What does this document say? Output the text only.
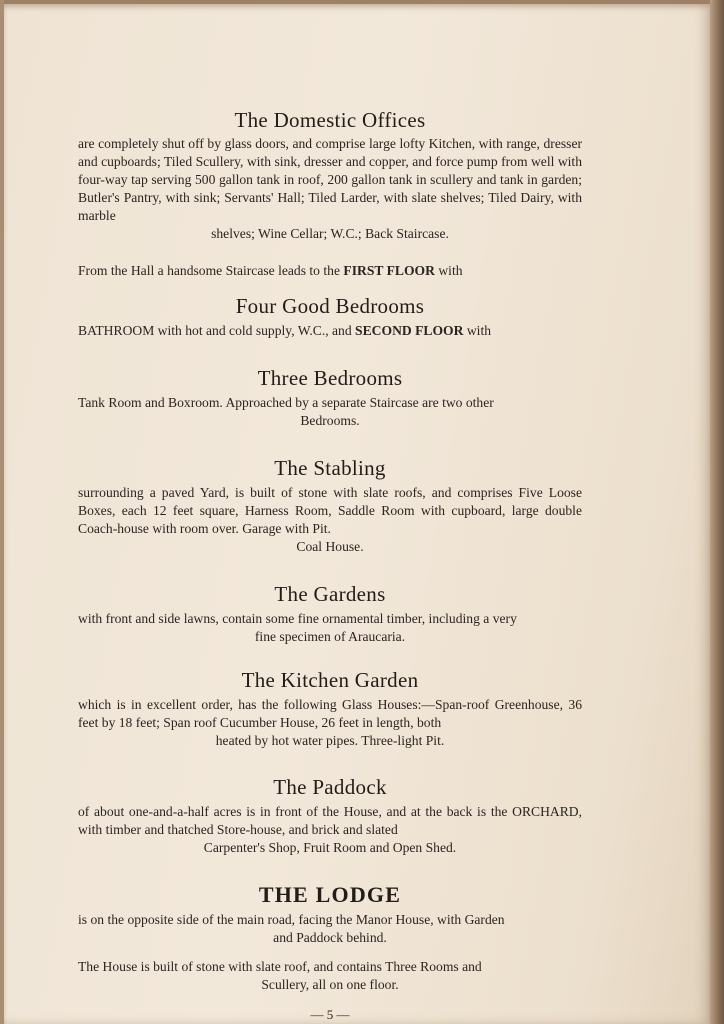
The Domestic Offices
are completely shut off by glass doors, and comprise large lofty Kitchen, with range, dresser and cupboards; Tiled Scullery, with sink, dresser and copper, and force pump from well with four-way tap serving 500 gallon tank in roof, 200 gallon tank in scullery and tank in garden; Butler's Pantry, with sink; Servants' Hall; Tiled Larder, with slate shelves; Tiled Dairy, with marble
shelves; Wine Cellar; W.C.; Back Staircase.
From the Hall a handsome Staircase leads to the FIRST FLOOR with
Four Good Bedrooms
BATHROOM with hot and cold supply, W.C., and SECOND FLOOR with
Three Bedrooms
Tank Room and Boxroom. Approached by a separate Staircase are two other
Bedrooms.
The Stabling
surrounding a paved Yard, is built of stone with slate roofs, and comprises Five Loose Boxes, each 12 feet square, Harness Room, Saddle Room with cupboard, large double Coach-house with room over. Garage with Pit.
Coal House.
The Gardens
with front and side lawns, contain some fine ornamental timber, including a very
fine specimen of Araucaria.
The Kitchen Garden
which is in excellent order, has the following Glass Houses:—Span-roof Greenhouse, 36 feet by 18 feet; Span roof Cucumber House, 26 feet in length, both
heated by hot water pipes. Three-light Pit.
The Paddock
of about one-and-a-half acres is in front of the House, and at the back is the ORCHARD, with timber and thatched Store-house, and brick and slated
Carpenter's Shop, Fruit Room and Open Shed.
THE LODGE
is on the opposite side of the main road, facing the Manor House, with Garden
and Paddock behind.
The House is built of stone with slate roof, and contains Three Rooms and
Scullery, all on one floor.
— 5 —
